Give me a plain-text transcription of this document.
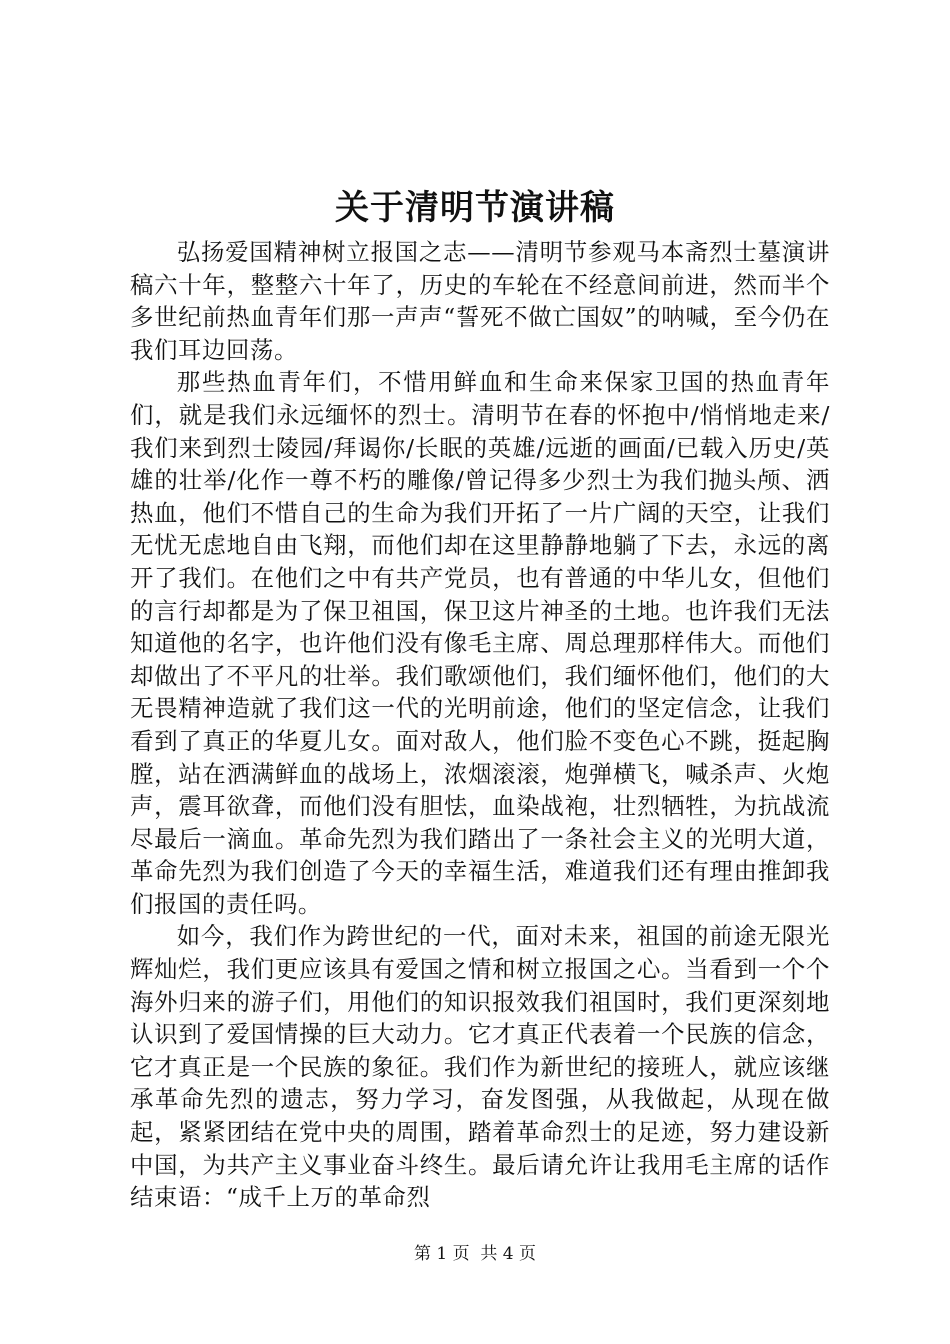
关于清明节演讲稿

弘扬爱国精神树立报国之志——清明节参观马本斋烈士墓演讲稿六十年，整整六十年了，历史的车轮在不经意间前进，然而半个多世纪前热血青年们那一声声“誓死不做亡国奴”的呐喊，至今仍在我们耳边回荡。

那些热血青年们，不惜用鲜血和生命来保家卫国的热血青年们，就是我们永远缅怀的烈士。清明节在春的怀抱中/悄悄地走来/我们来到烈士陵园/拜谒你/长眠的英雄/远逝的画面/已载入历史/英雄的壮举/化作一尊不朽的雕像/曾记得多少烈士为我们抛头颅、洒热血，他们不惜自己的生命为我们开拓了一片广阔的天空，让我们无忧无虑地自由飞翔，而他们却在这里静静地躺了下去，永远的离开了我们。在他们之中有共产党员，也有普通的中华儿女，但他们的言行却都是为了保卫祖国，保卫这片神圣的土地。也许我们无法知道他的名字，也许他们没有像毛主席、周总理那样伟大。而他们却做出了不平凡的壮举。我们歌颂他们，我们缅怀他们，他们的大无畏精神造就了我们这一代的光明前途，他们的坚定信念，让我们看到了真正的华夏儿女。面对敌人，他们脸不变色心不跳，挺起胸膛，站在洒满鲜血的战场上，浓烟滚滚，炮弹横飞，喊杀声、火炮声，震耳欲聋，而他们没有胆怯，血染战袍，壮烈牺牲，为抗战流尽最后一滴血。革命先烈为我们踏出了一条社会主义的光明大道，革命先烈为我们创造了今天的幸福生活，难道我们还有理由推卸我们报国的责任吗。

如今，我们作为跨世纪的一代，面对未来，祖国的前途无限光辉灿烂，我们更应该具有爱国之情和树立报国之心。当看到一个个海外归来的游子们，用他们的知识报效我们祖国时，我们更深刻地认识到了爱国情操的巨大动力。它才真正代表着一个民族的信念，它才真正是一个民族的象征。我们作为新世纪的接班人，就应该继承革命先烈的遗志，努力学习，奋发图强，从我做起，从现在做起，紧紧团结在党中央的周围，踏着革命烈士的足迹，努力建设新中国，为共产主义事业奋斗终生。最后请允许让我用毛主席的话作结束语：“成千上万的革命烈

第 1 页  共 4 页
